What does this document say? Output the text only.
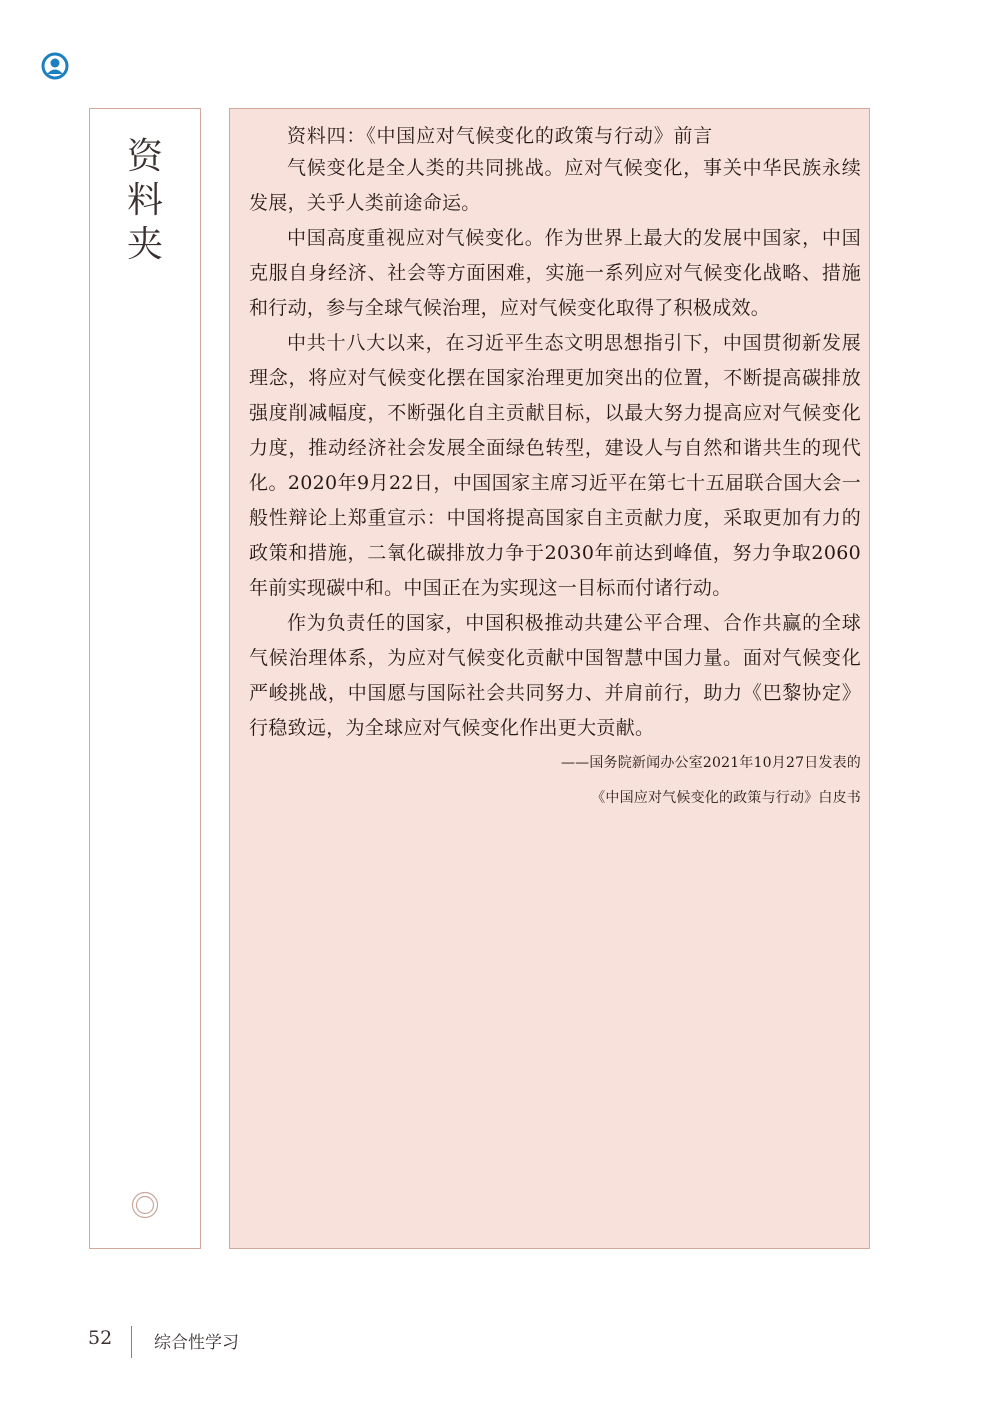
资
料
夹
资料四：《中国应对气候变化的政策与行动》前言

气候变化是全人类的共同挑战。应对气候变化，事关中华民族永续发展，关乎人类前途命运。

中国高度重视应对气候变化。作为世界上最大的发展中国家，中国克服自身经济、社会等方面困难，实施一系列应对气候变化战略、措施和行动，参与全球气候治理，应对气候变化取得了积极成效。

中共十八大以来，在习近平生态文明思想指引下，中国贯彻新发展理念，将应对气候变化摆在国家治理更加突出的位置，不断提高碳排放强度削减幅度，不断强化自主贡献目标，以最大努力提高应对气候变化力度，推动经济社会发展全面绿色转型，建设人与自然和谐共生的现代化。2020年9月22日，中国国家主席习近平在第七十五届联合国大会一般性辩论上郑重宣示：中国将提高国家自主贡献力度，采取更加有力的政策和措施，二氧化碳排放力争于2030年前达到峰值，努力争取2060年前实现碳中和。中国正在为实现这一目标而付诸行动。

作为负责任的国家，中国积极推动共建公平合理、合作共赢的全球气候治理体系，为应对气候变化贡献中国智慧中国力量。面对气候变化严峻挑战，中国愿与国际社会共同努力、并肩前行，助力《巴黎协定》行稳致远，为全球应对气候变化作出更大贡献。

——国务院新闻办公室2021年10月27日发表的
《中国应对气候变化的政策与行动》白皮书
52 综合性学习
